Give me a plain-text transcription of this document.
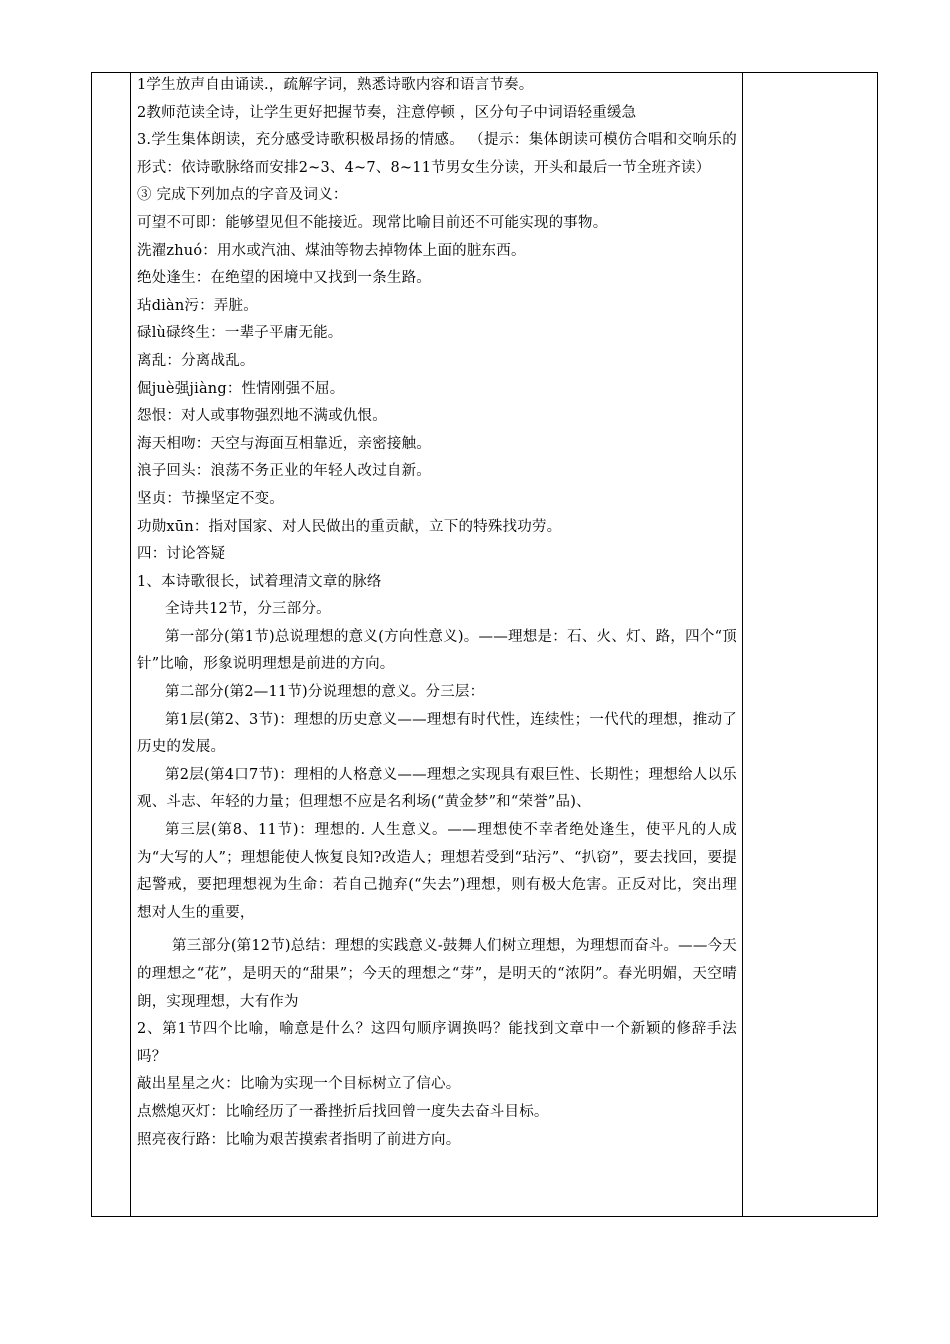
1学生放声自由诵读.，疏解字词，熟悉诗歌内容和语言节奏。

2教师范读全诗，让学生更好把握节奏，注意停顿 ，区分句子中词语轻重缓急

3.学生集体朗读，充分感受诗歌积极昂扬的情感。 （提示：集体朗读可模仿合唱和交响乐的形式：依诗歌脉络而安排2~3、4~7、8~11节男女生分读，开头和最后一节全班齐读）

③ 完成下列加点的字音及词义：

可望不可即：能够望见但不能接近。现常比喻目前还不可能实现的事物。

洗濯zhuó：用水或汽油、煤油等物去掉物体上面的脏东西。

绝处逢生：在绝望的困境中又找到一条生路。

玷diàn污：弄脏。

碌lù碌终生：一辈子平庸无能。

离乱：分离战乱。

倔juè强jiàng：性情刚强不屈。

怨恨：对人或事物强烈地不满或仇恨。

海天相吻：天空与海面互相靠近，亲密接触。

浪子回头：浪荡不务正业的年轻人改过自新。

坚贞：节操坚定不变。

功勋xūn：指对国家、对人民做出的重贡献，立下的特殊找功劳。

四：讨论答疑

1、本诗歌很长，试着理清文章的脉络

全诗共12节，分三部分。

第一部分(第1节)总说理想的意义(方向性意义)。——理想是：石、火、灯、路，四个“顶针”比喻，形象说明理想是前进的方向。

第二部分(第2—11节)分说理想的意义。分三层：

第1层(第2、3节)：理想的历史意义——理想有时代性，连续性；一代代的理想，推动了历史的发展。

第2层(第4口7节)：理相的人格意义——理想之实现具有艰巨性、长期性；理想给人以乐观、斗志、年轻的力量；但理想不应是名利场(“黄金梦”和“荣誉”品)、

第三层(第8、11节)：理想的. 人生意义。——理想使不幸者绝处逢生，使平凡的人成为“大写的人”；理想能使人恢复良知?改造人；理想若受到“玷污”、“扒窃”，要去找回，要提起警戒，要把理想视为生命：若自己抛弃(“失去”)理想，则有极大危害。正反对比，突出理想对人生的重要，

第三部分(第12节)总结：理想的实践意义-鼓舞人们树立理想，为理想而奋斗。——今天的理想之“花”，是明天的“甜果”；今天的理想之“芽”，是明天的“浓阴”。春光明媚，天空晴朗，实现理想，大有作为

2、第1节四个比喻，喻意是什么？这四句顺序调换吗？能找到文章中一个新颖的修辞手法吗？

敲出星星之火：比喻为实现一个目标树立了信心。

点燃熄灭灯：比喻经历了一番挫折后找回曾一度失去奋斗目标。

照亮夜行路：比喻为艰苦摸索者指明了前进方向。
